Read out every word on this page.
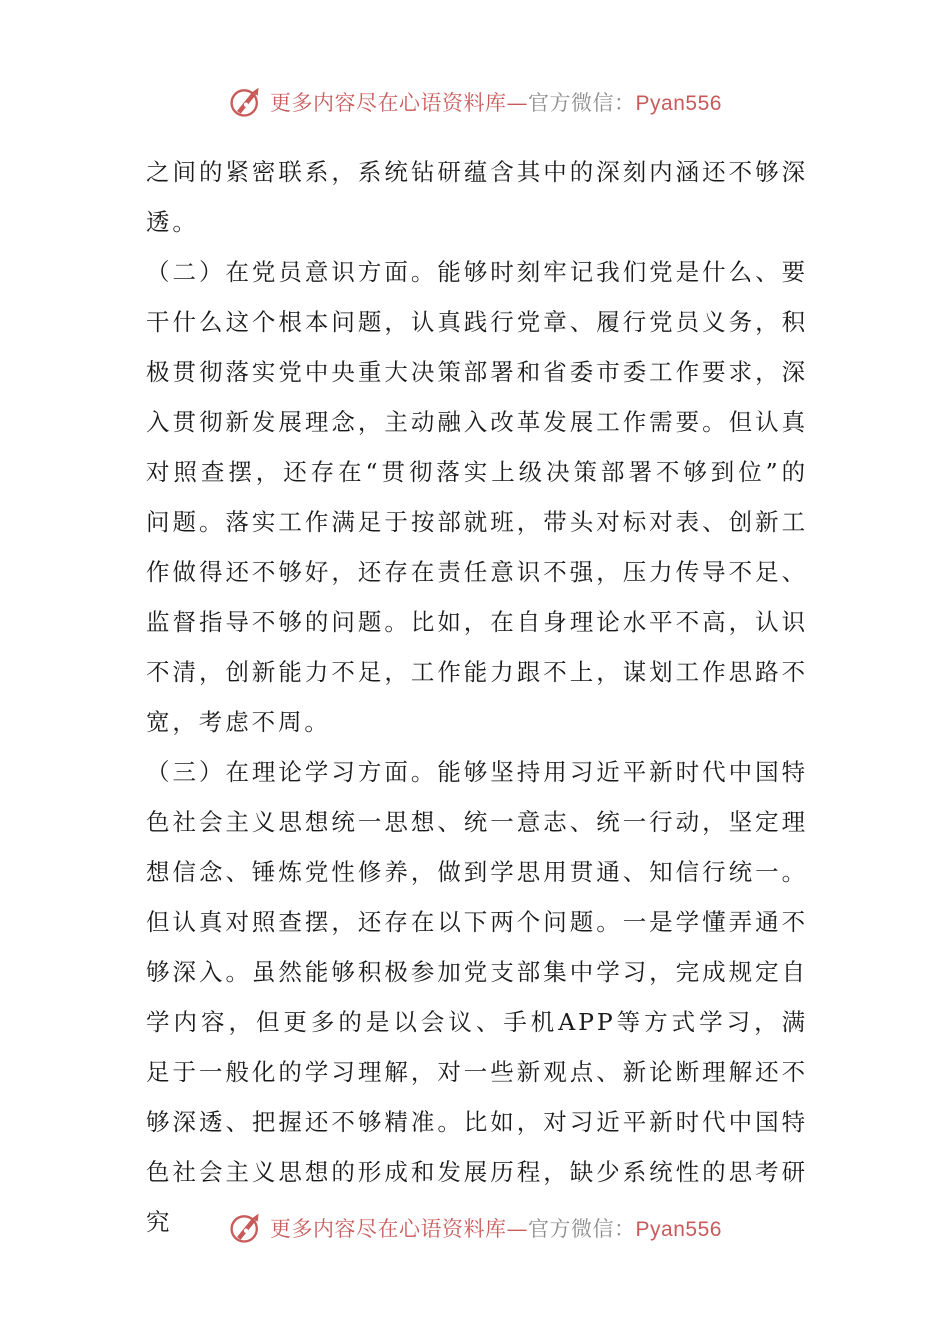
更多内容尽在心语资料库—官方微信：Pyan556

之间的紧密联系，系统钻研蕴含其中的深刻内涵还不够深透。

（二）在党员意识方面。能够时刻牢记我们党是什么、要干什么这个根本问题，认真践行党章、履行党员义务，积极贯彻落实党中央重大决策部署和省委市委工作要求，深入贯彻新发展理念，主动融入改革发展工作需要。但认真对照查摆，还存在“贯彻落实上级决策部署不够到位”的问题。落实工作满足于按部就班，带头对标对表、创新工作做得还不够好，还存在责任意识不强，压力传导不足、监督指导不够的问题。比如，在自身理论水平不高，认识不清，创新能力不足，工作能力跟不上，谋划工作思路不宽，考虑不周。

（三）在理论学习方面。能够坚持用习近平新时代中国特色社会主义思想统一思想、统一意志、统一行动，坚定理想信念、锤炼党性修养，做到学思用贯通、知信行统一。但认真对照查摆，还存在以下两个问题。一是学懂弄通不够深入。虽然能够积极参加党支部集中学习，完成规定自学内容，但更多的是以会议、手机APP等方式学习，满足于一般化的学习理解，对一些新观点、新论断理解还不够深透、把握还不够精准。比如，对习近平新时代中国特色社会主义思想的形成和发展历程，缺少系统性的思考研究	更多内容尽在心语资料库—官方微信：Pyan556
